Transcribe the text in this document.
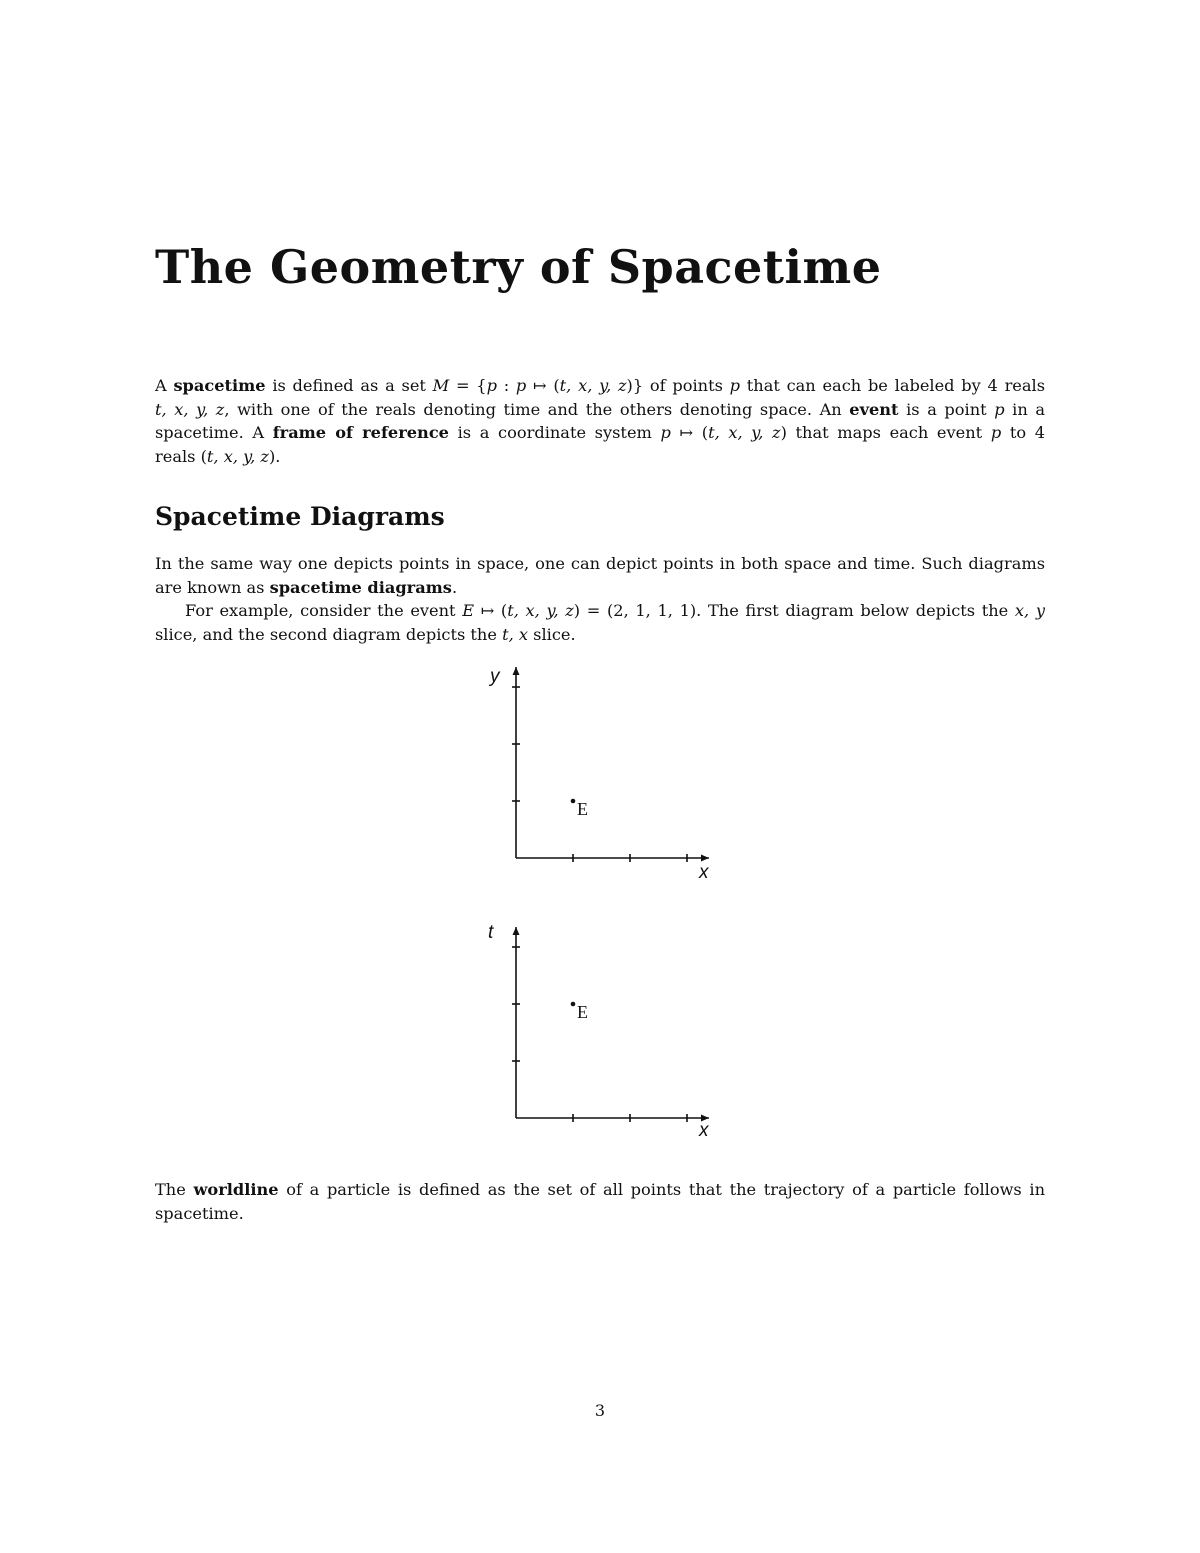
The Geometry of Spacetime

A spacetime is defined as a set M = {p : p ↦ (t, x, y, z)} of points p that can each be labeled by 4 reals
t, x, y, z, with one of the reals denoting time and the others denoting space. An event is a point p in a
spacetime. A frame of reference is a coordinate system p ↦ (t, x, y, z) that maps each event p to 4
reals (t, x, y, z).

Spacetime Diagrams

In the same way one depicts points in space, one can depict points in both space and time. Such diagrams
are known as spacetime diagrams.
For example, consider the event E ↦ (t, x, y, z) = (2, 1, 1, 1). The first diagram below depicts the x, y
slice, and the second diagram depicts the t, x slice.

y
x
E
t
x
E

The worldline of a particle is defined as the set of all points that the trajectory of a particle follows in
spacetime.

3
